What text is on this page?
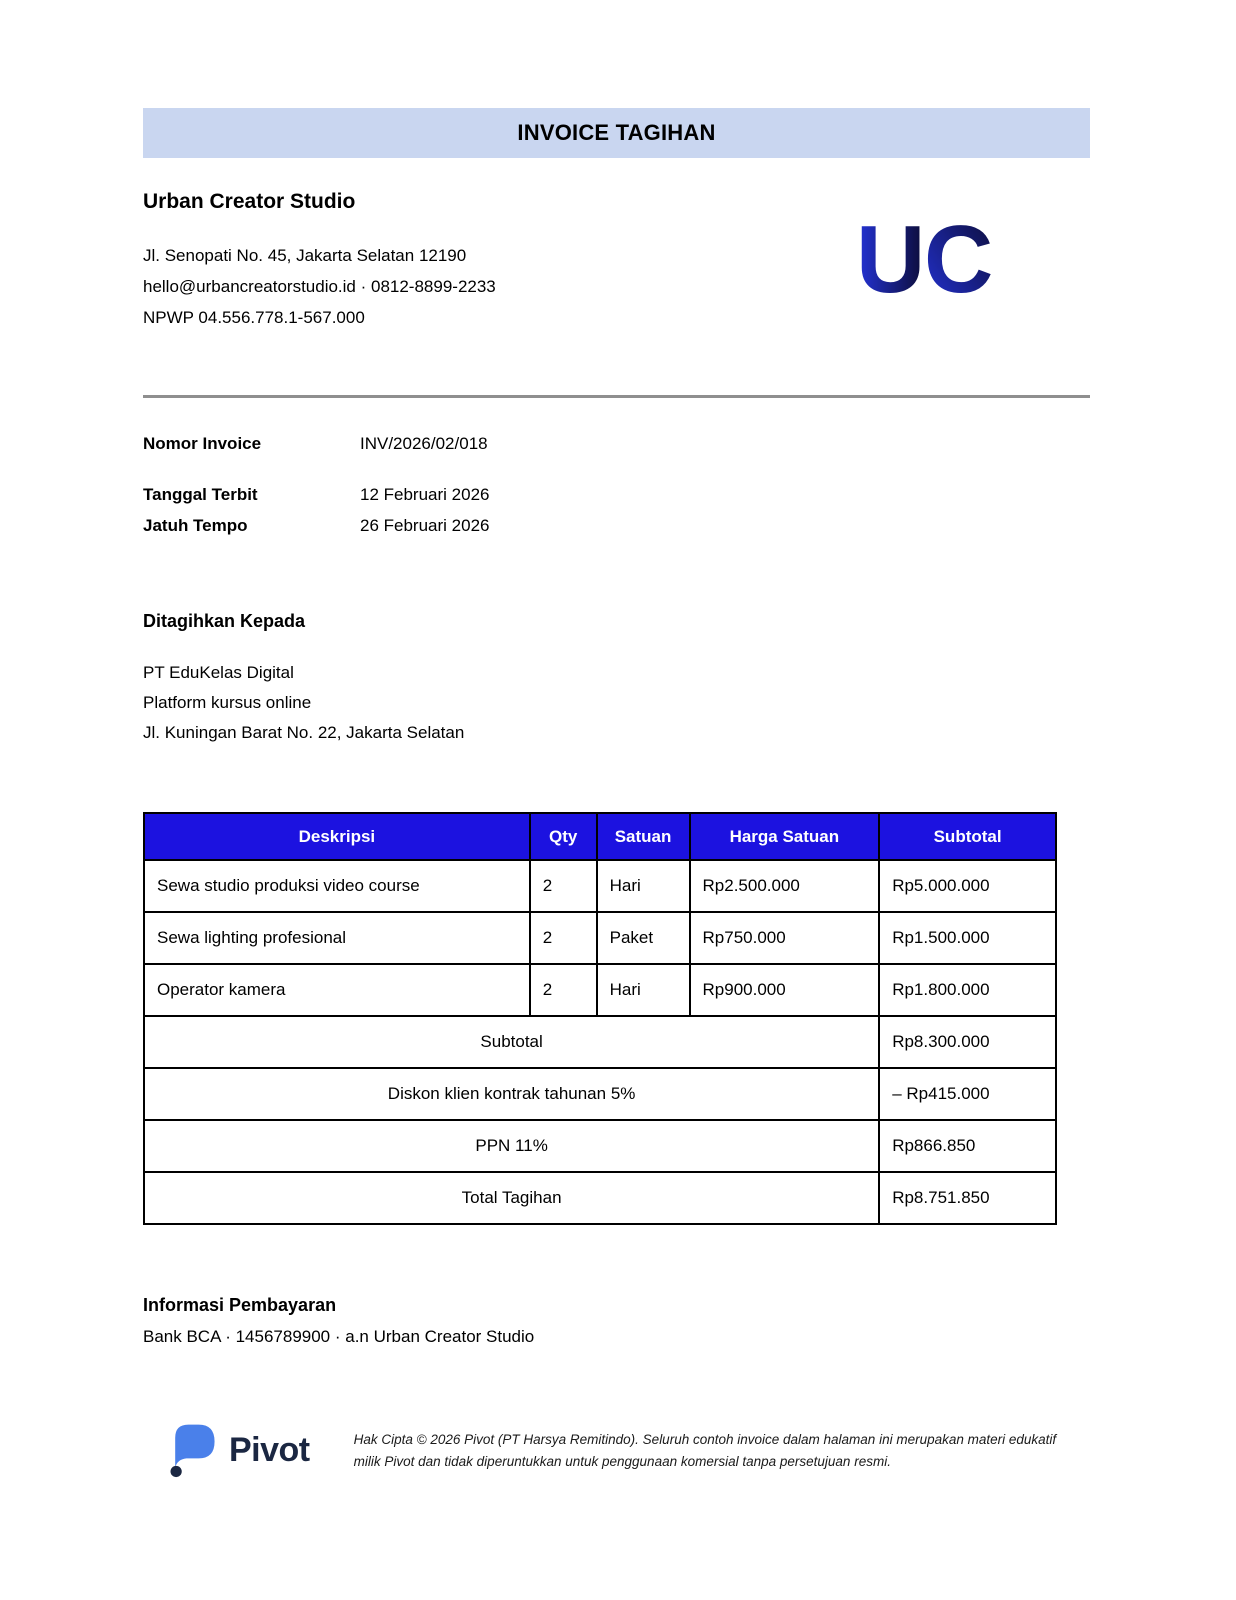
INVOICE TAGIHAN
Urban Creator Studio
Jl. Senopati No. 45, Jakarta Selatan 12190
hello@urbancreatorstudio.id · 0812-8899-2233
NPWP 04.556.778.1-567.000
U
C
Nomor Invoice	INV/2026/02/018
Tanggal Terbit	12 Februari 2026
Jatuh Tempo	26 Februari 2026
Ditagihkan Kepada
PT EduKelas Digital
Platform kursus online
Jl. Kuningan Barat No. 22, Jakarta Selatan
Deskripsi	Qty	Satuan	Harga Satuan	Subtotal
Sewa studio produksi video course	2	Hari	Rp2.500.000	Rp5.000.000
Sewa lighting profesional	2	Paket	Rp750.000	Rp1.500.000
Operator kamera	2	Hari	Rp900.000	Rp1.800.000
Subtotal				Rp8.300.000
Diskon klien kontrak tahunan 5%				– Rp415.000
PPN 11%				Rp866.850
Total Tagihan				Rp8.751.850
Informasi Pembayaran
Bank BCA · 1456789900 · a.n Urban Creator Studio
Pivot	Hak Cipta © 2026 Pivot (PT Harsya Remitindo). Seluruh contoh invoice dalam halaman ini merupakan materi edukatif
milik Pivot dan tidak diperuntukkan untuk penggunaan komersial tanpa persetujuan resmi.
